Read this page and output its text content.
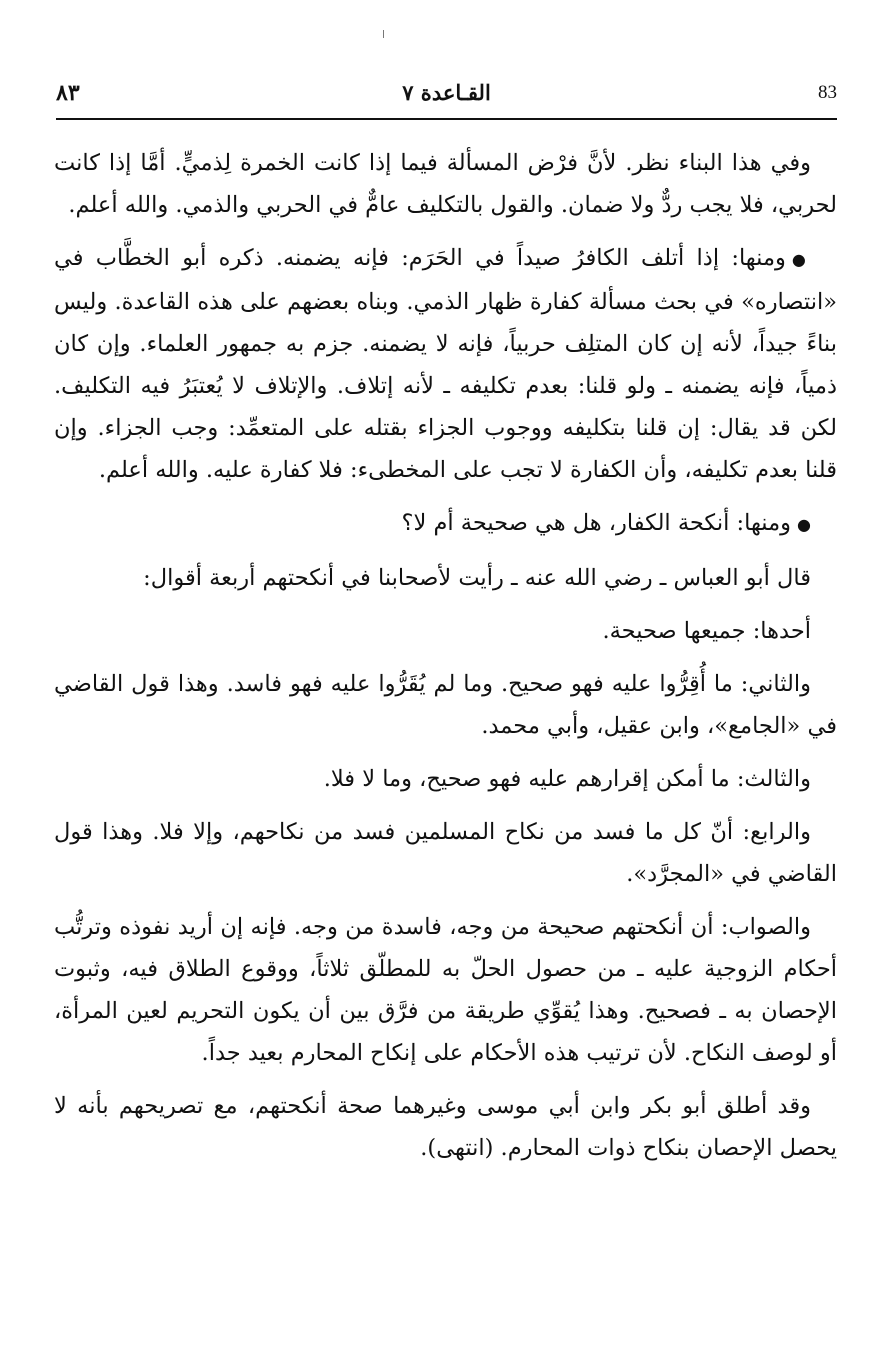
٨٣	القـاعدة ٧	83

وفي هذا البناء نظر. لأنَّ فرْض المسألة فيما إذا كانت الخمرة لِذميٍّ. أمَّا إذا كانت لحربي، فلا يجب ردٌّ ولا ضمان. والقول بالتكليف عامٌّ في الحربي والذمي. والله أعلم.

●ومنها: إذا أتلف الكافرُ صيداً في الحَرَم: فإنه يضمنه. ذكره أبو الخطَّاب في «انتصاره» في بحث مسألة كفارة ظهار الذمي. وبناه بعضهم على هذه القاعدة. وليس بناءً جيداً، لأنه إن كان المتلِف حربياً، فإنه لا يضمنه. جزم به جمهور العلماء. وإن كان ذمياً، فإنه يضمنه ـ ولو قلنا: بعدم تكليفه ـ لأنه إتلاف. والإتلاف لا يُعتبَرُ فيه التكليف. لكن قد يقال: إن قلنا بتكليفه ووجوب الجزاء بقتله على المتعمِّد: وجب الجزاء. وإن قلنا بعدم تكليفه، وأن الكفارة لا تجب على المخطىء: فلا كفارة عليه. والله أعلم.

●ومنها: أنكحة الكفار، هل هي صحيحة أم لا؟

قال أبو العباس ـ رضي الله عنه ـ رأيت لأصحابنا في أنكحتهم أربعة أقوال:

أحدها: جميعها صحيحة.

والثاني: ما أُقِرُّوا عليه فهو صحيح. وما لم يُقَرُّوا عليه فهو فاسد. وهذا قول القاضي في «الجامع»، وابن عقيل، وأبي محمد.

والثالث: ما أمكن إقرارهم عليه فهو صحيح، وما لا فلا.

والرابع: أنّ كل ما فسد من نكاح المسلمين فسد من نكاحهم، وإلا فلا. وهذا قول القاضي في «المجرَّد».

والصواب: أن أنكحتهم صحيحة من وجه، فاسدة من وجه. فإنه إن أريد نفوذه وترتُّب أحكام الزوجية عليه ـ من حصول الحلّ به للمطلّق ثلاثاً، ووقوع الطلاق فيه، وثبوت الإحصان به ـ فصحيح. وهذا يُقوِّي طريقة من فرَّق بين أن يكون التحريم لعين المرأة، أو لوصف النكاح. لأن ترتيب هذه الأحكام على إنكاح المحارم بعيد جداً.

وقد أطلق أبو بكر وابن أبي موسى وغيرهما صحة أنكحتهم، مع تصريحهم بأنه لا يحصل الإحصان بنكاح ذوات المحارم. (انتهى).
